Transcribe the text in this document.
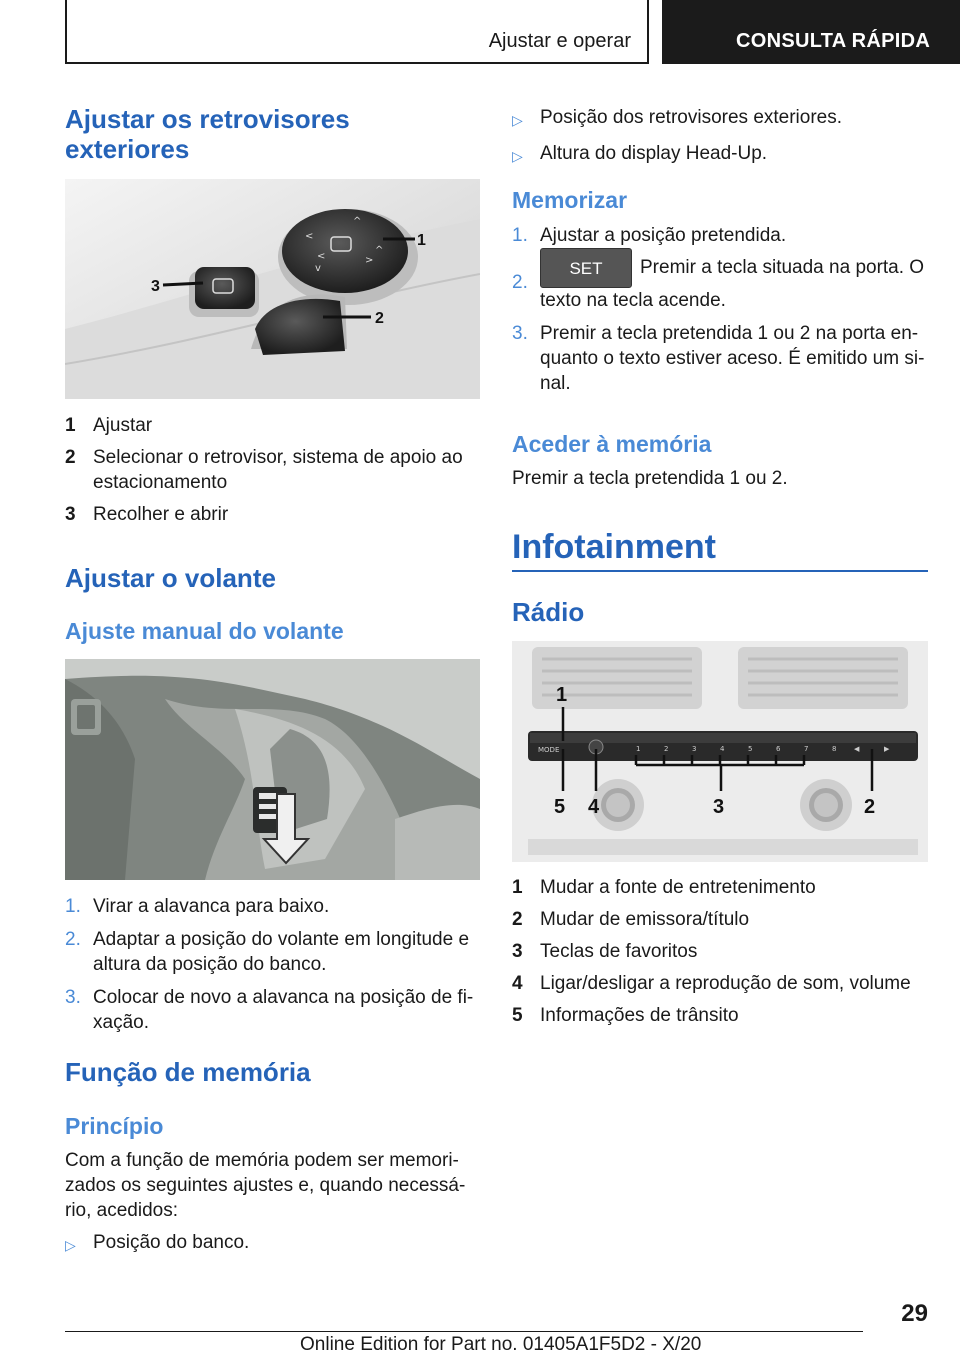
Ajustar e operar	CONSULTA RÁPIDA
Ajustar os retrovisores exteriores
<
<	>
^
v
^
1
2
3
1 Ajustar
2 Selecionar o retrovisor, sistema de apoio ao estacionamento
3 Recolher e abrir
Ajustar o volante
Ajuste manual do volante
1. Virar a alavanca para baixo.
2. Adaptar a posição do volante em longitude e altura da posição do banco.
3. Colocar de novo a alavanca na posição de fixação.
Função de memória
Princípio
Com a função de memória podem ser memorizados os seguintes ajustes e, quando necessário, acedidos:
▷ Posição do banco.
▷ Posição dos retrovisores exteriores.
▷ Altura do display Head-Up.
Memorizar
1. Ajustar a posição pretendida.
2.
SET Premir a tecla situada na porta. O texto na tecla acende.
3. Premir a tecla pretendida 1 ou 2 na porta enquanto o texto estiver aceso. É emitido um sinal.
Aceder à memória
Premir a tecla pretendida 1 ou 2.
Infotainment
Rádio
MODE	1	2	3	4	5	6	7	8	◀	▶
1
5 4	3	2
1 Mudar a fonte de entretenimento
2 Mudar de emissora/título
3 Teclas de favoritos
4 Ligar/desligar a reprodução de som, volume
5 Informações de trânsito
29
Online Edition for Part no. 01405A1F5D2 - X/20
